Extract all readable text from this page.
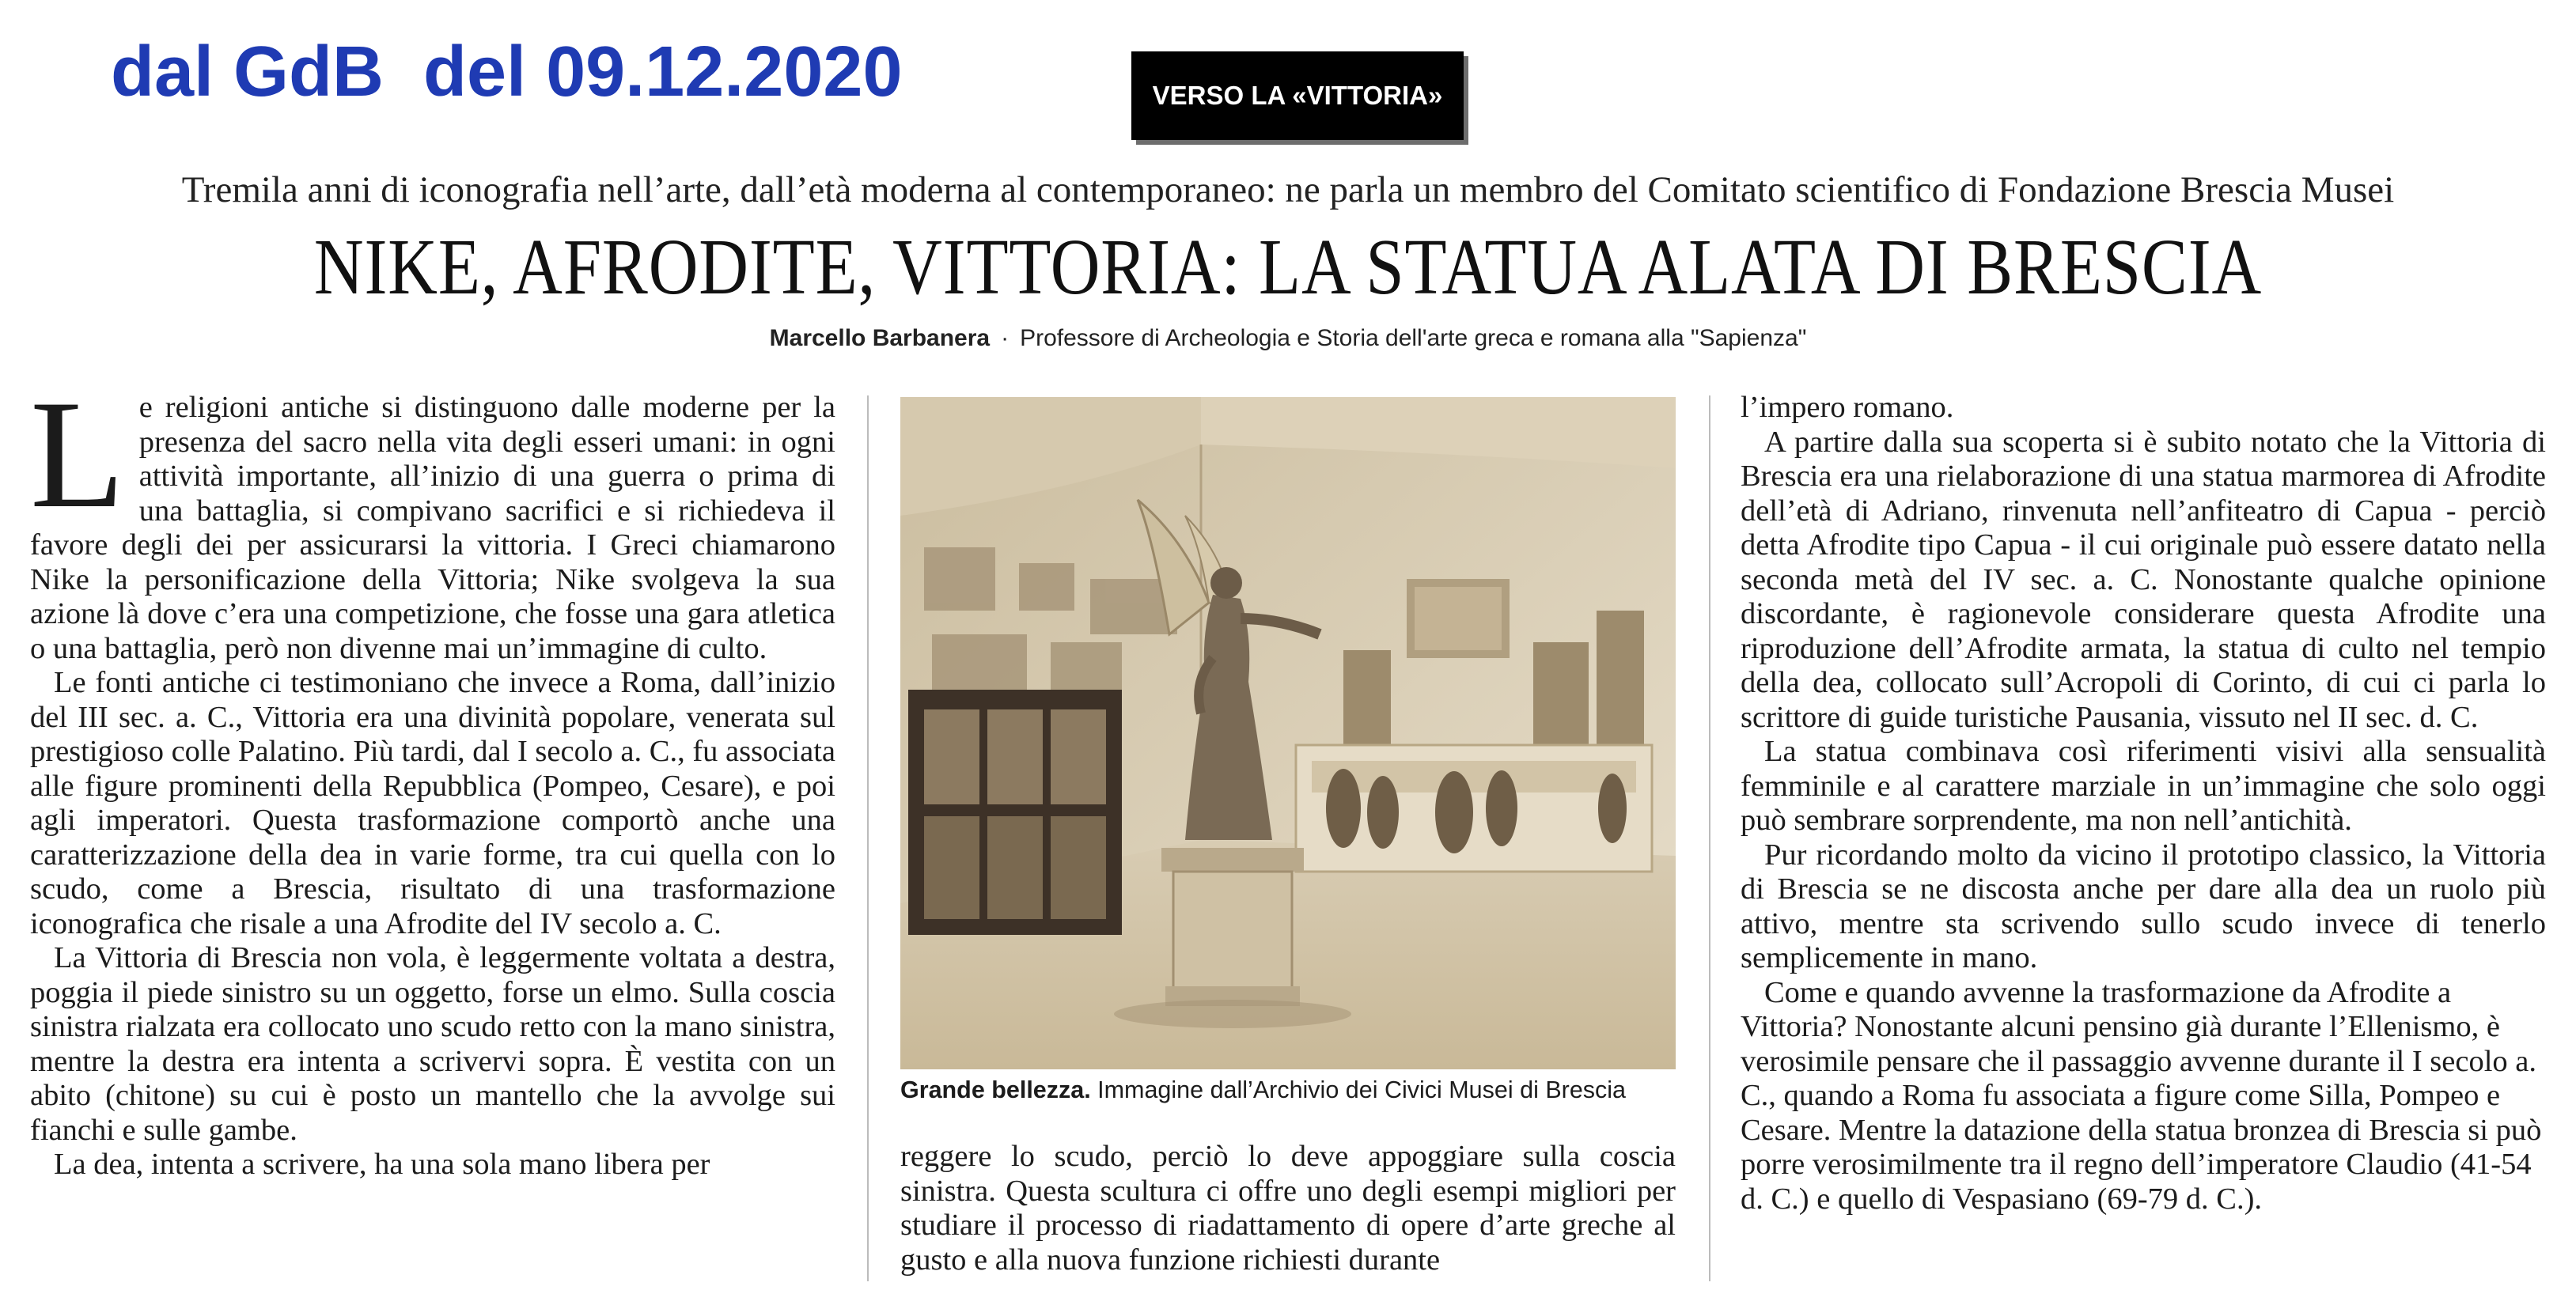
dal GdB  del 09.12.2020	VERSO LA «VITTORIA»
Tremila anni di iconografia nell’arte, dall’età moderna al contemporaneo: ne parla un membro del Comitato scientifico di Fondazione Brescia Musei
NIKE, AFRODITE, VITTORIA: LA STATUA ALATA DI BRESCIA
Marcello Barbanera · Professore di Archeologia e Storia dell'arte greca e romana alla "Sapienza"

Le religioni antiche si distinguono dalle moderne per la presenza del sacro nella vita degli esseri umani: in ogni attività importante, all’inizio di una guerra o prima di una battaglia, si compivano sacrifici e si richiedeva il favore degli dei per assicurarsi la vittoria. I Greci chiamarono Nike la personificazione della Vittoria; Nike svolgeva la sua azione là dove c’era una competizione, che fosse una gara atletica o una battaglia, però non divenne mai un’immagine di culto.

Le fonti antiche ci testimoniano che invece a Roma, dall’inizio del III sec. a. C., Vittoria era una divinità popolare, venerata sul prestigioso colle Palatino. Più tardi, dal I secolo a. C., fu associata alle figure prominenti della Repubblica (Pompeo, Cesare), e poi agli imperatori. Questa trasformazione comportò anche una caratterizzazione della dea in varie forme, tra cui quella con lo scudo, come a Brescia, risultato di una trasformazione iconografica che risale a una Afrodite del IV secolo a. C.

La Vittoria di Brescia non vola, è leggermente voltata a destra, poggia il piede sinistro su un oggetto, forse un elmo. Sulla coscia sinistra rialzata era collocato uno scudo retto con la mano sinistra, mentre la destra era intenta a scrivervi sopra. È vestita con un abito (chitone) su cui è posto un mantello che la avvolge sui fianchi e sulle gambe.

La dea, intenta a scrivere, ha una sola mano libera per

Grande bellezza. Immagine dall’Archivio dei Civici Musei di Brescia

reggere lo scudo, perciò lo deve appoggiare sulla coscia sinistra. Questa scultura ci offre uno degli esempi migliori per studiare il processo di riadattamento di opere d’arte greche al gusto e alla nuova funzione richiesti durante

l’impero romano.

A partire dalla sua scoperta si è subito notato che la Vittoria di Brescia era una rielaborazione di una statua marmorea di Afrodite dell’età di Adriano, rinvenuta nell’anfiteatro di Capua - perciò detta Afrodite tipo Capua - il cui originale può essere datato nella seconda metà del IV sec. a. C. Nonostante qualche opinione discordante, è ragionevole considerare questa Afrodite una riproduzione dell’Afrodite armata, la statua di culto nel tempio della dea, collocato sull’Acropoli di Corinto, di cui ci parla lo scrittore di guide turistiche Pausania, vissuto nel II sec. d. C.

La statua combinava così riferimenti visivi alla sensualità femminile e al carattere marziale in un’immagine che solo oggi può sembrare sorprendente, ma non nell’antichità.

Pur ricordando molto da vicino il prototipo classico, la Vittoria di Brescia se ne discosta anche per dare alla dea un ruolo più attivo, mentre sta scrivendo sullo scudo invece di tenerlo semplicemente in mano.

Come e quando avvenne la trasformazione da Afrodite a Vittoria? Nonostante alcuni pensino già durante l’Ellenismo, è verosimile pensare che il passaggio avvenne durante il I secolo a. C., quando a Roma fu associata a figure come Silla, Pompeo e Cesare. Mentre la datazione della statua bronzea di Brescia si può porre verosimilmente tra il regno dell’imperatore Claudio (41-54 d. C.) e quello di Vespasiano (69-79 d. C.).
